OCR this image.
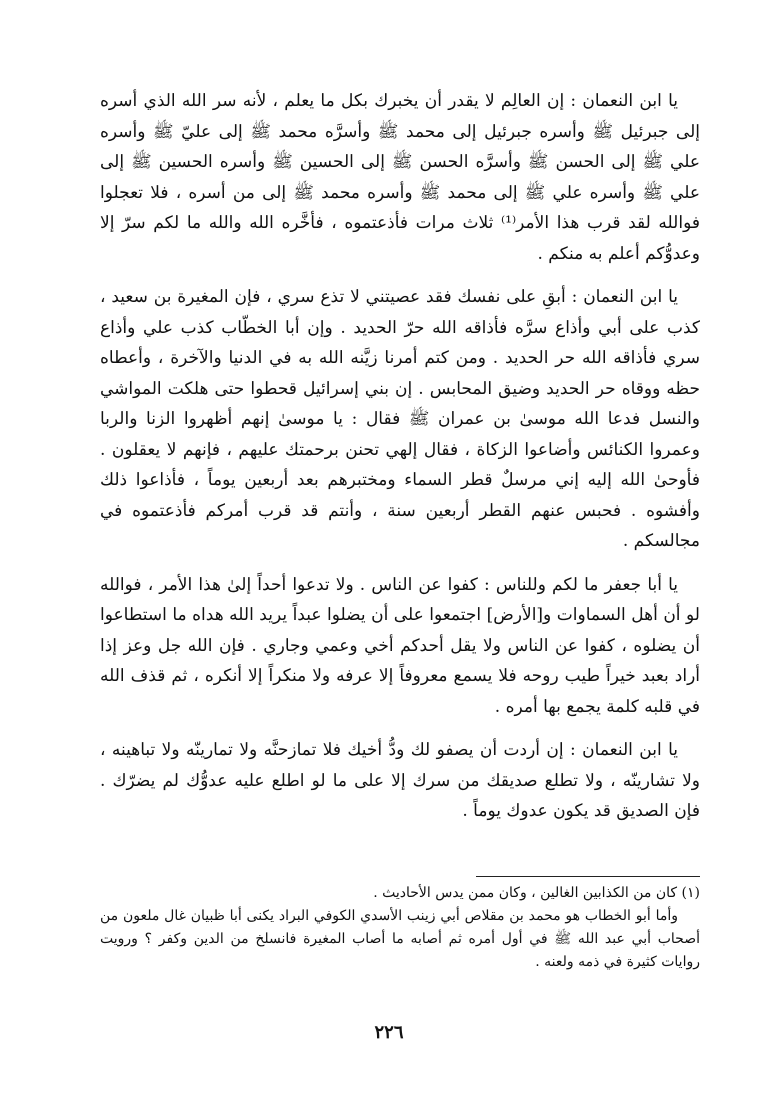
يا ابن النعمان : إن العالِم لا يقدر أن يخبرك بكل ما يعلم ، لأنه سر الله الذي أسره إلى جبرئيل ﷺ وأسره جبرئيل إلى محمد ﷺ وأسرَّه محمد ﷺ إلى عليّ ﷺ وأسره علي ﷺ إلى الحسن ﷺ وأسرَّه الحسن ﷺ إلى الحسين ﷺ وأسره الحسين ﷺ إلى علي ﷺ وأسره علي ﷺ إلى محمد ﷺ وأسره محمد ﷺ إلى من أسره ، فلا تعجلوا فوالله لقد قرب هذا الأمر⁽¹⁾ ثلاث مرات فأذعتموه ، فأخَّره الله والله ما لكم سرّ إلا وعدوُّكم أعلم به منكم .

يا ابن النعمان : أبقِ على نفسك فقد عصيتني لا تذع سري ، فإن المغيرة بن سعيد ، كذب على أبي وأذاع سرَّه فأذاقه الله حرّ الحديد . وإن أبا الخطّاب كذب علي وأذاع سري فأذاقه الله حر الحديد . ومن كتم أمرنا زيَّنه الله به في الدنيا والآخرة ، وأعطاه حظه ووقاه حر الحديد وضيق المحابس . إن بني إسرائيل قحطوا حتى هلكت المواشي والنسل فدعا الله موسىٰ بن عمران ﷺ فقال : يا موسىٰ إنهم أظهروا الزنا والربا وعمروا الكنائس وأضاعوا الزكاة ، فقال إلهي تحنن برحمتك عليهم ، فإنهم لا يعقلون . فأوحىٰ الله إليه إني مرسلٌ قطر السماء ومختبرهم بعد أربعين يوماً ، فأذاعوا ذلك وأفشوه . فحبس عنهم القطر أربعين سنة ، وأنتم قد قرب أمركم فأذعتموه في مجالسكم .

يا أبا جعفر ما لكم وللناس : كفوا عن الناس . ولا تدعوا أحداً إلىٰ هذا الأمر ، فوالله لو أن أهل السماوات و[الأرض] اجتمعوا على أن يضلوا عبداً يريد الله هداه ما استطاعوا أن يضلوه ، كفوا عن الناس ولا يقل أحدكم أخي وعمي وجاري . فإن الله جل وعز إذا أراد بعبد خيراً طيب روحه فلا يسمع معروفاً إلا عرفه ولا منكراً إلا أنكره ، ثم قذف الله في قلبه كلمة يجمع بها أمره .

يا ابن النعمان : إن أردت أن يصفو لك ودُّ أخيك فلا تمازحنَّه ولا تمارينّه ولا تباهينه ، ولا تشارينّه ، ولا تطلع صديقك من سرك إلا على ما لو اطلع عليه عدوُّك لم يضرّك . فإن الصديق قد يكون عدوك يوماً .

(١) كان من الكذابين الغالين ، وكان ممن يدس الأحاديث .

وأما أبو الخطاب هو محمد بن مقلاص أبي زينب الأسدي الكوفي البراد يكنى أبا ظبيان غال ملعون من أصحاب أبي عبد الله ﷺ في أول أمره ثم أصابه ما أصاب المغيرة فانسلخ من الدين وكفر ؟ ورويت روايات كثيرة في ذمه ولعنه .

٢٢٦
